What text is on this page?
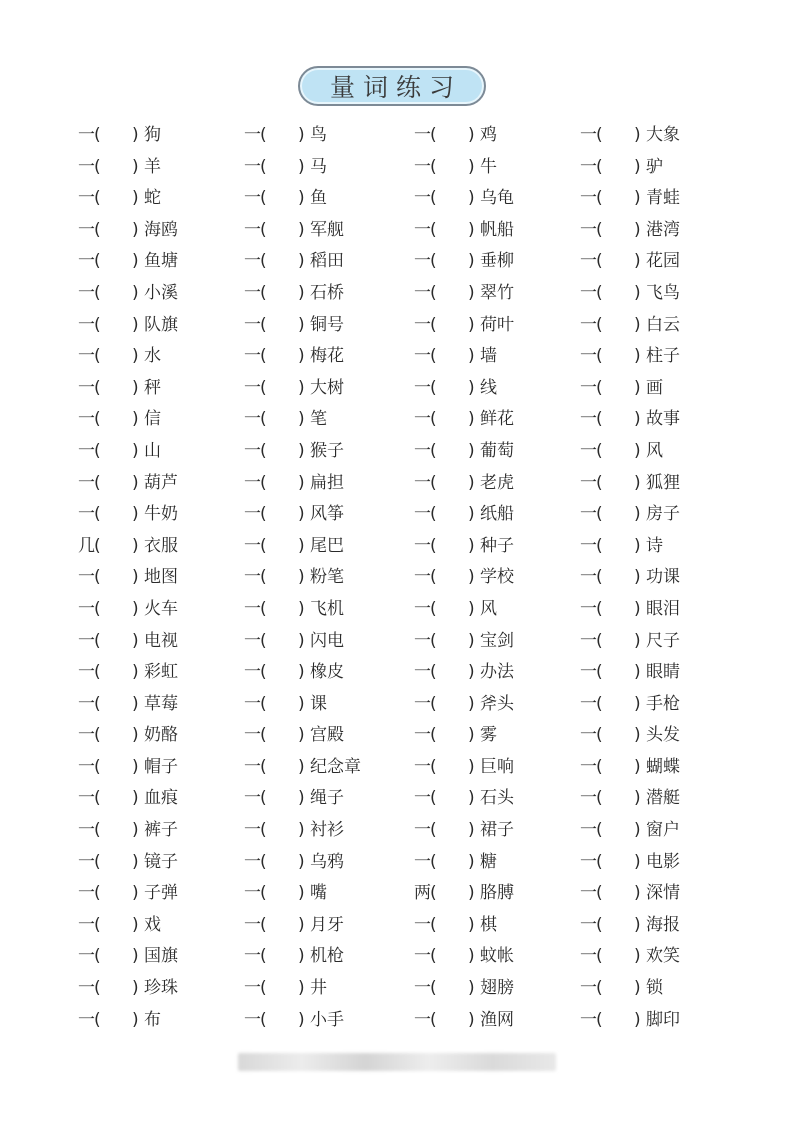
量词练习
一 (	) 狗	一 (	) 鸟	一 (	) 鸡	一 (	) 大象
一 (	) 羊	一 (	) 马	一 (	) 牛	一 (	) 驴
一 (	) 蛇	一 (	) 鱼	一 (	) 乌龟	一 (	) 青蛙
一 (	) 海鸥	一 (	) 军舰	一 (	) 帆船	一 (	) 港湾
一 (	) 鱼塘	一 (	) 稻田	一 (	) 垂柳	一 (	) 花园
一 (	) 小溪	一 (	) 石桥	一 (	) 翠竹	一 (	) 飞鸟
一 (	) 队旗	一 (	) 铜号	一 (	) 荷叶	一 (	) 白云
一 (	) 水	一 (	) 梅花	一 (	) 墙	一 (	) 柱子
一 (	) 秤	一 (	) 大树	一 (	) 线	一 (	) 画
一 (	) 信	一 (	) 笔	一 (	) 鲜花	一 (	) 故事
一 (	) 山	一 (	) 猴子	一 (	) 葡萄	一 (	) 风
一 (	) 葫芦	一 (	) 扁担	一 (	) 老虎	一 (	) 狐狸
一 (	) 牛奶	一 (	) 风筝	一 (	) 纸船	一 (	) 房子
几 (	) 衣服	一 (	) 尾巴	一 (	) 种子	一 (	) 诗
一 (	) 地图	一 (	) 粉笔	一 (	) 学校	一 (	) 功课
一 (	) 火车	一 (	) 飞机	一 (	) 风	一 (	) 眼泪
一 (	) 电视	一 (	) 闪电	一 (	) 宝剑	一 (	) 尺子
一 (	) 彩虹	一 (	) 橡皮	一 (	) 办法	一 (	) 眼睛
一 (	) 草莓	一 (	) 课	一 (	) 斧头	一 (	) 手枪
一 (	) 奶酪	一 (	) 宫殿	一 (	) 雾	一 (	) 头发
一 (	) 帽子	一 (	) 纪念章	一 (	) 巨响	一 (	) 蝴蝶
一 (	) 血痕	一 (	) 绳子	一 (	) 石头	一 (	) 潜艇
一 (	) 裤子	一 (	) 衬衫	一 (	) 裙子	一 (	) 窗户
一 (	) 镜子	一 (	) 乌鸦	一 (	) 糖	一 (	) 电影
一 (	) 子弹	一 (	) 嘴	两 (	) 胳膊	一 (	) 深情
一 (	) 戏	一 (	) 月牙	一 (	) 棋	一 (	) 海报
一 (	) 国旗	一 (	) 机枪	一 (	) 蚊帐	一 (	) 欢笑
一 (	) 珍珠	一 (	) 井	一 (	) 翅膀	一 (	) 锁
一 (	) 布	一 (	) 小手	一 (	) 渔网	一 (	) 脚印
